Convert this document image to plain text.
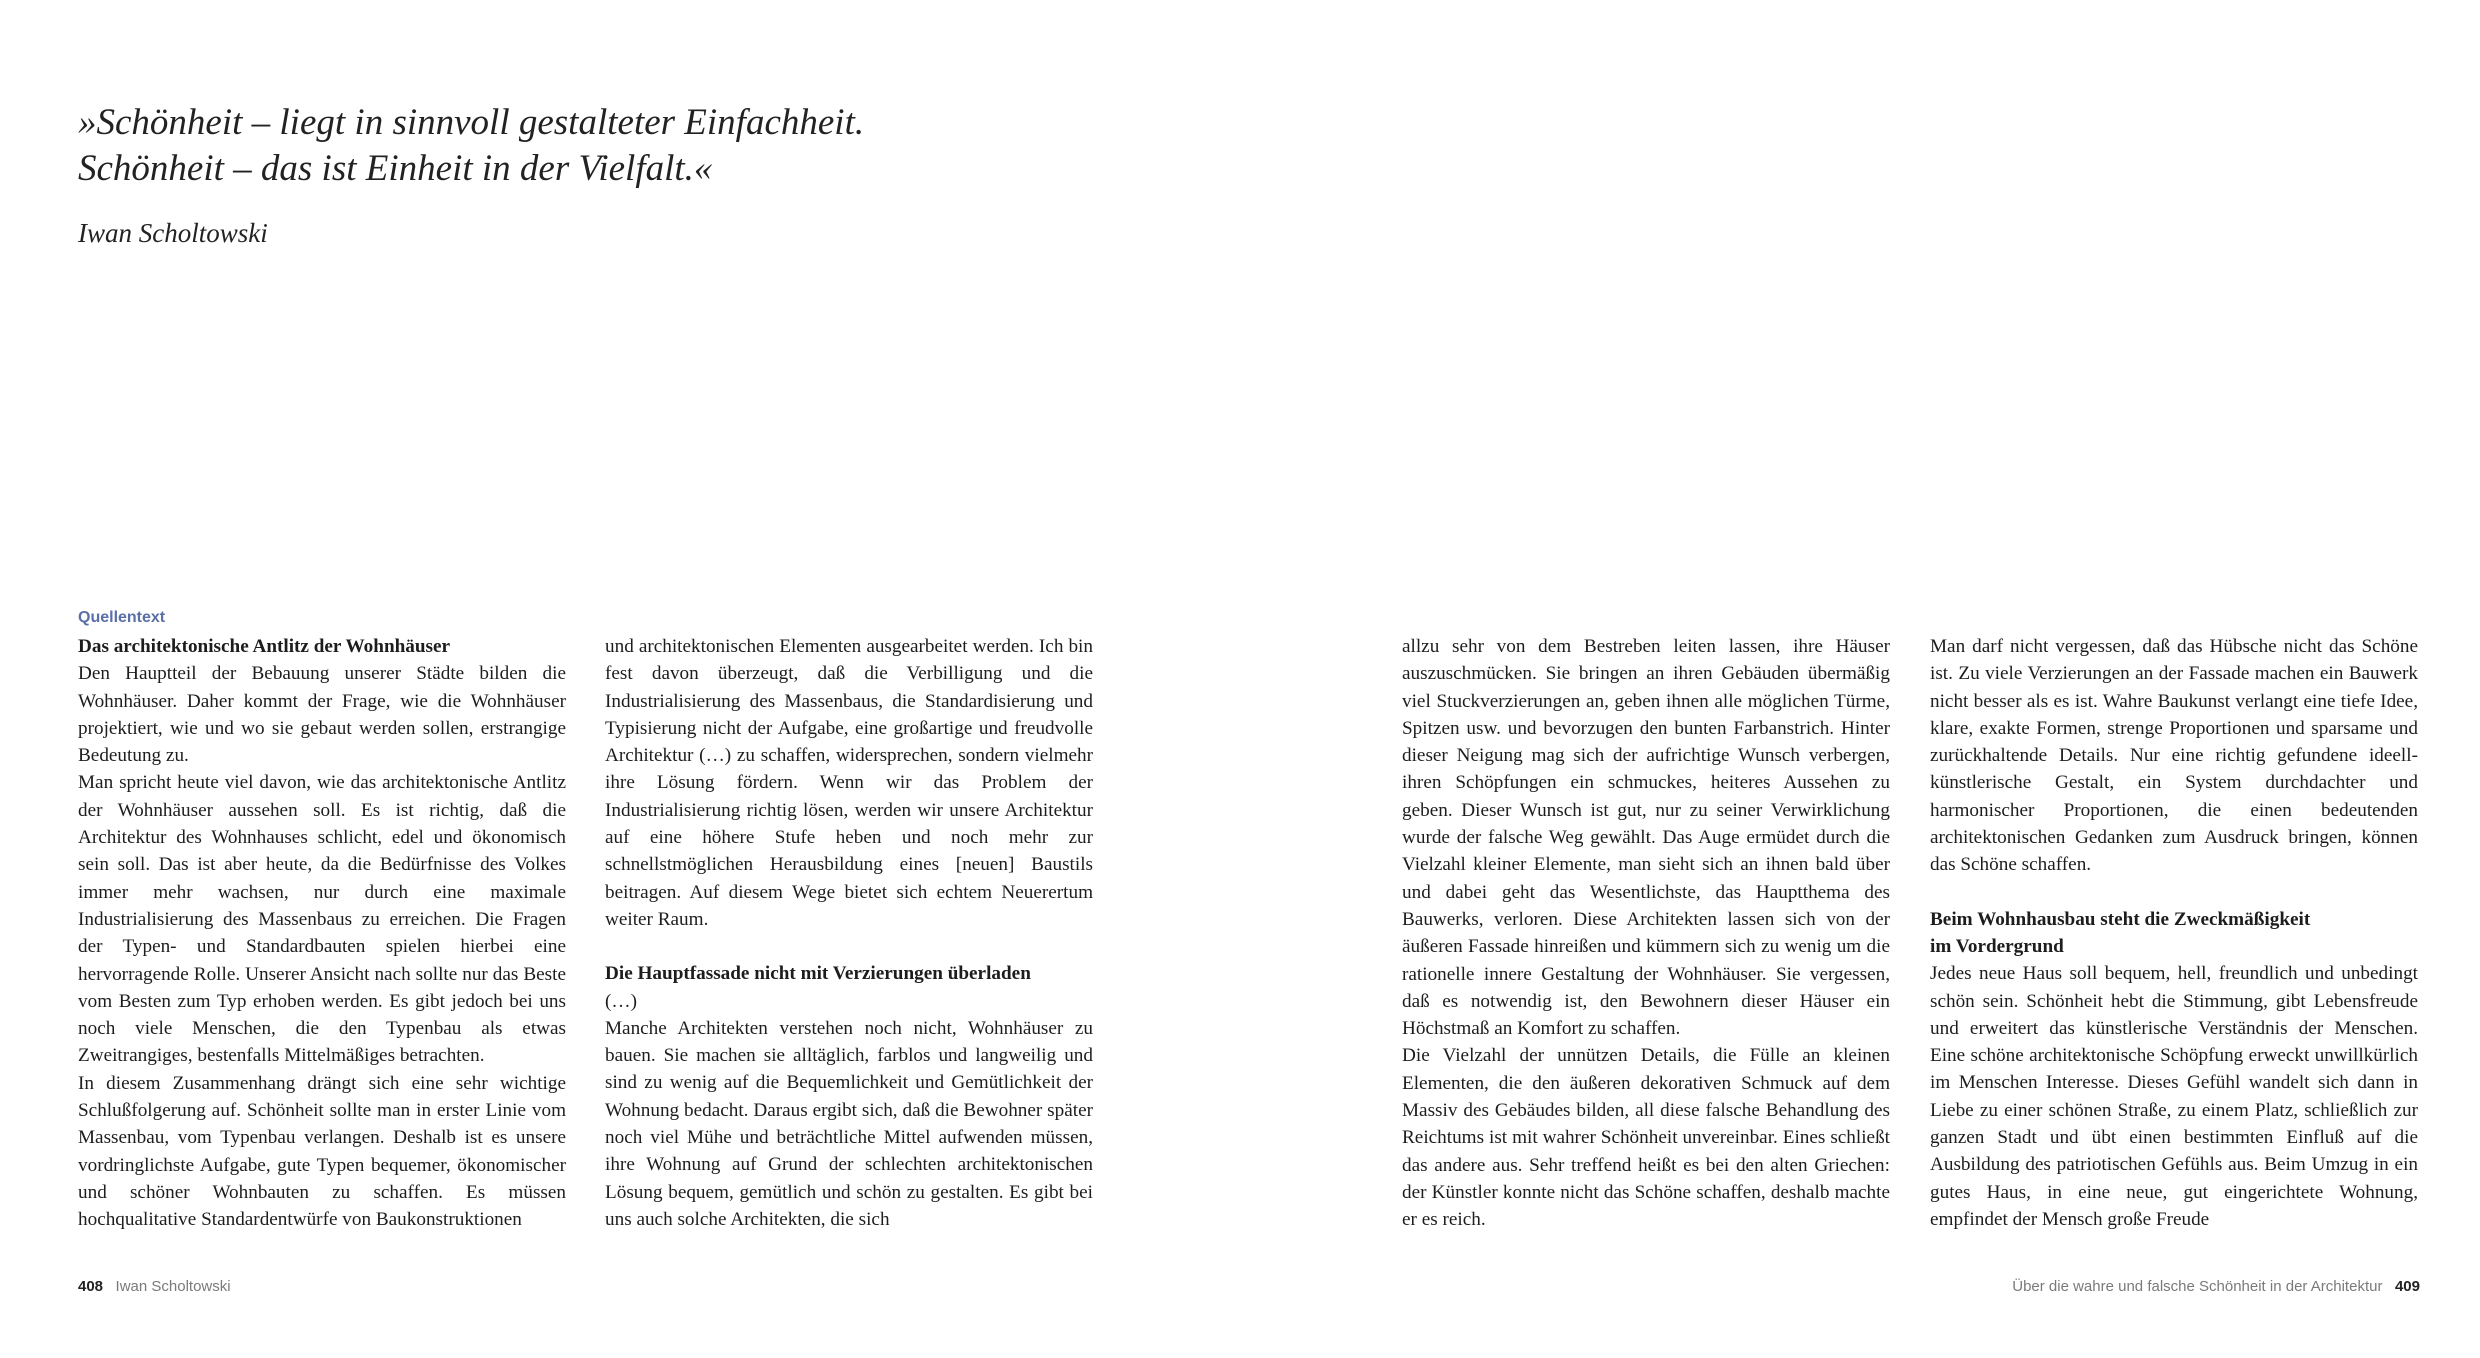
»Schönheit – liegt in sinnvoll gestalteter Einfachheit.

Schönheit – das ist Einheit in der Vielfalt.«

Iwan Scholtowski
Quellentext

Das architektonische Antlitz der Wohnhäuser

Den Hauptteil der Bebauung unserer Städte bilden die Wohnhäuser. Daher kommt der Frage, wie die Wohnhäuser projektiert, wie und wo sie gebaut werden sollen, erstrangige Bedeutung zu.

Man spricht heute viel davon, wie das architektonische Antlitz der Wohnhäuser aussehen soll. Es ist richtig, daß die Architektur des Wohnhauses schlicht, edel und ökonomisch sein soll. Das ist aber heute, da die Bedürfnisse des Volkes immer mehr wachsen, nur durch eine maximale Industrialisierung des Massenbaus zu erreichen. Die Fragen der Typen- und Standardbauten spielen hierbei eine hervorragende Rolle. Unserer Ansicht nach sollte nur das Beste vom Besten zum Typ erhoben werden. Es gibt jedoch bei uns noch viele Menschen, die den Typenbau als etwas Zweitrangiges, bestenfalls Mittelmäßiges betrachten.

In diesem Zusammenhang drängt sich eine sehr wichtige Schlußfolgerung auf. Schönheit sollte man in erster Linie vom Massenbau, vom Typenbau verlangen. Deshalb ist es unsere vordringlichste Aufgabe, gute Typen bequemer, ökonomischer und schöner Wohnbauten zu schaffen. Es müssen hochqualitative Standardentwürfe von Baukonstruktionen

und architektonischen Elementen ausgearbeitet werden. Ich bin fest davon überzeugt, daß die Verbilligung und die Industrialisierung des Massenbaus, die Standardisierung und Typisierung nicht der Aufgabe, eine großartige und freudvolle Architektur (…) zu schaffen, widersprechen, sondern vielmehr ihre Lösung fördern. Wenn wir das Problem der Industrialisierung richtig lösen, werden wir unsere Architektur auf eine höhere Stufe heben und noch mehr zur schnellstmöglichen Herausbildung eines [neuen] Baustils beitragen. Auf diesem Wege bietet sich echtem Neuerertum weiter Raum.

Die Hauptfassade nicht mit Verzierungen überladen

(…)

Manche Architekten verstehen noch nicht, Wohnhäuser zu bauen. Sie machen sie alltäglich, farblos und langweilig und sind zu wenig auf die Bequemlichkeit und Gemütlichkeit der Wohnung bedacht. Daraus ergibt sich, daß die Bewohner später noch viel Mühe und beträchtliche Mittel aufwenden müssen, ihre Wohnung auf Grund der schlechten architektonischen Lösung bequem, gemütlich und schön zu gestalten. Es gibt bei uns auch solche Architekten, die sich

allzu sehr von dem Bestreben leiten lassen, ihre Häuser auszuschmücken. Sie bringen an ihren Gebäuden übermäßig viel Stuckverzierungen an, geben ihnen alle möglichen Türme, Spitzen usw. und bevorzugen den bunten Farbanstrich. Hinter dieser Neigung mag sich der aufrichtige Wunsch verbergen, ihren Schöpfungen ein schmuckes, heiteres Aussehen zu geben. Dieser Wunsch ist gut, nur zu seiner Verwirklichung wurde der falsche Weg gewählt. Das Auge ermüdet durch die Vielzahl kleiner Elemente, man sieht sich an ihnen bald über und dabei geht das Wesentlichste, das Hauptthema des Bauwerks, verloren. Diese Architekten lassen sich von der äußeren Fassade hinreißen und kümmern sich zu wenig um die rationelle innere Gestaltung der Wohnhäuser. Sie vergessen, daß es notwendig ist, den Bewohnern dieser Häuser ein Höchstmaß an Komfort zu schaffen.

Die Vielzahl der unnützen Details, die Fülle an kleinen Elementen, die den äußeren dekorativen Schmuck auf dem Massiv des Gebäudes bilden, all diese falsche Behandlung des Reichtums ist mit wahrer Schönheit unvereinbar. Eines schließt das andere aus. Sehr treffend heißt es bei den alten Griechen: der Künstler konnte nicht das Schöne schaffen, deshalb machte er es reich.

Man darf nicht vergessen, daß das Hübsche nicht das Schöne ist. Zu viele Verzierungen an der Fassade machen ein Bauwerk nicht besser als es ist. Wahre Baukunst verlangt eine tiefe Idee, klare, exakte Formen, strenge Proportionen und sparsame und zurückhaltende Details. Nur eine richtig gefundene ideell-künstlerische Gestalt, ein System durchdachter und harmonischer Proportionen, die einen bedeutenden architektonischen Gedanken zum Ausdruck bringen, können das Schöne schaffen.

Beim Wohnhausbau steht die Zweckmäßigkeit
im Vordergrund

Jedes neue Haus soll bequem, hell, freundlich und unbedingt schön sein. Schönheit hebt die Stimmung, gibt Lebensfreude und erweitert das künstlerische Verständnis der Menschen. Eine schöne architektonische Schöpfung erweckt unwillkürlich im Menschen Interesse. Dieses Gefühl wandelt sich dann in Liebe zu einer schönen Straße, zu einem Platz, schließlich zur ganzen Stadt und übt einen bestimmten Einfluß auf die Ausbildung des patriotischen Gefühls aus. Beim Umzug in ein gutes Haus, in eine neue, gut eingerichtete Wohnung, empfindet der Mensch große Freude

408 Iwan Scholtowski	Über die wahre und falsche Schönheit in der Architektur 409
